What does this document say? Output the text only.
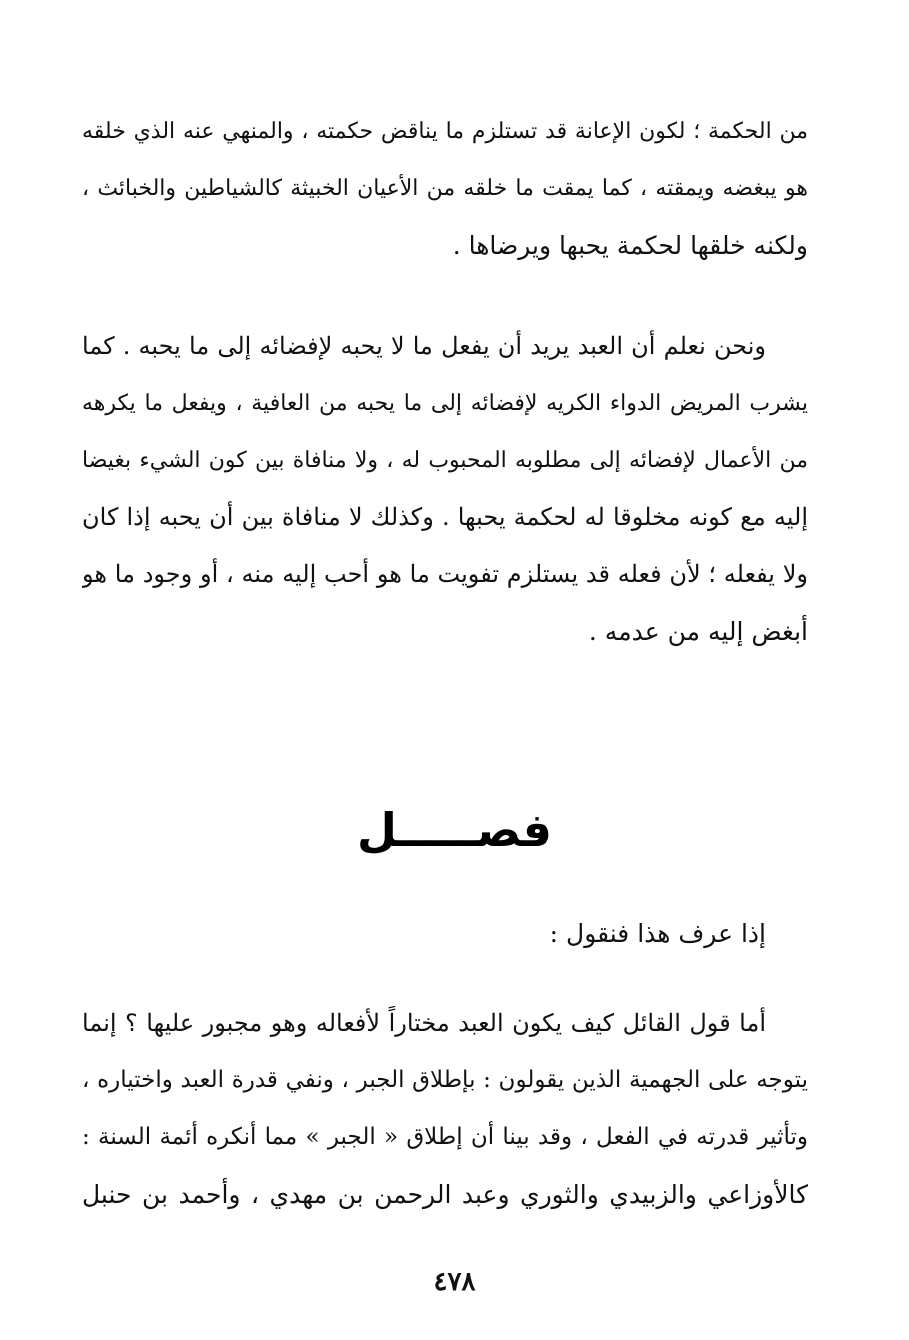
من الحكمة ؛ لكون الإعانة قد تستلزم ما يناقض حكمته ، والمنهي عنه الذي خلقه
هو يبغضه ويمقته ، كما يمقت ما خلقه من الأعيان الخبيثة كالشياطين والخبائث ،
ولكنه خلقها لحكمة يحبها ويرضاها .
ونحن نعلم أن العبد يريد أن يفعل ما لا يحبه لإفضائه إلى ما يحبه . كما
يشرب المريض الدواء الكريه لإفضائه إلى ما يحبه من العافية ، ويفعل ما يكرهه
من الأعمال لإفضائه إلى مطلوبه المحبوب له ، ولا منافاة بين كون الشيء بغيضا
إليه مع كونه مخلوقا له لحكمة يحبها . وكذلك لا منافاة بين أن يحبه إذا كان
ولا يفعله ؛ لأن فعله قد يستلزم تفويت ما هو أحب إليه منه ، أو وجود ما هو
أبغض إليه من عدمه .
فصـــــل
إذا عرف هذا فنقول :
أما قول القائل كيف يكون العبد مختاراً لأفعاله وهو مجبور عليها ؟ إنما
يتوجه على الجهمية الذين يقولون : بإطلاق الجبر ، ونفي قدرة العبد واختياره ،
وتأثير قدرته في الفعل ، وقد بينا أن إطلاق « الجبر » مما أنكره أئمة السنة :
كالأوزاعي والزبيدي والثوري وعبد الرحمن بن مهدي ، وأحمد بن حنبل
٤٧٨
